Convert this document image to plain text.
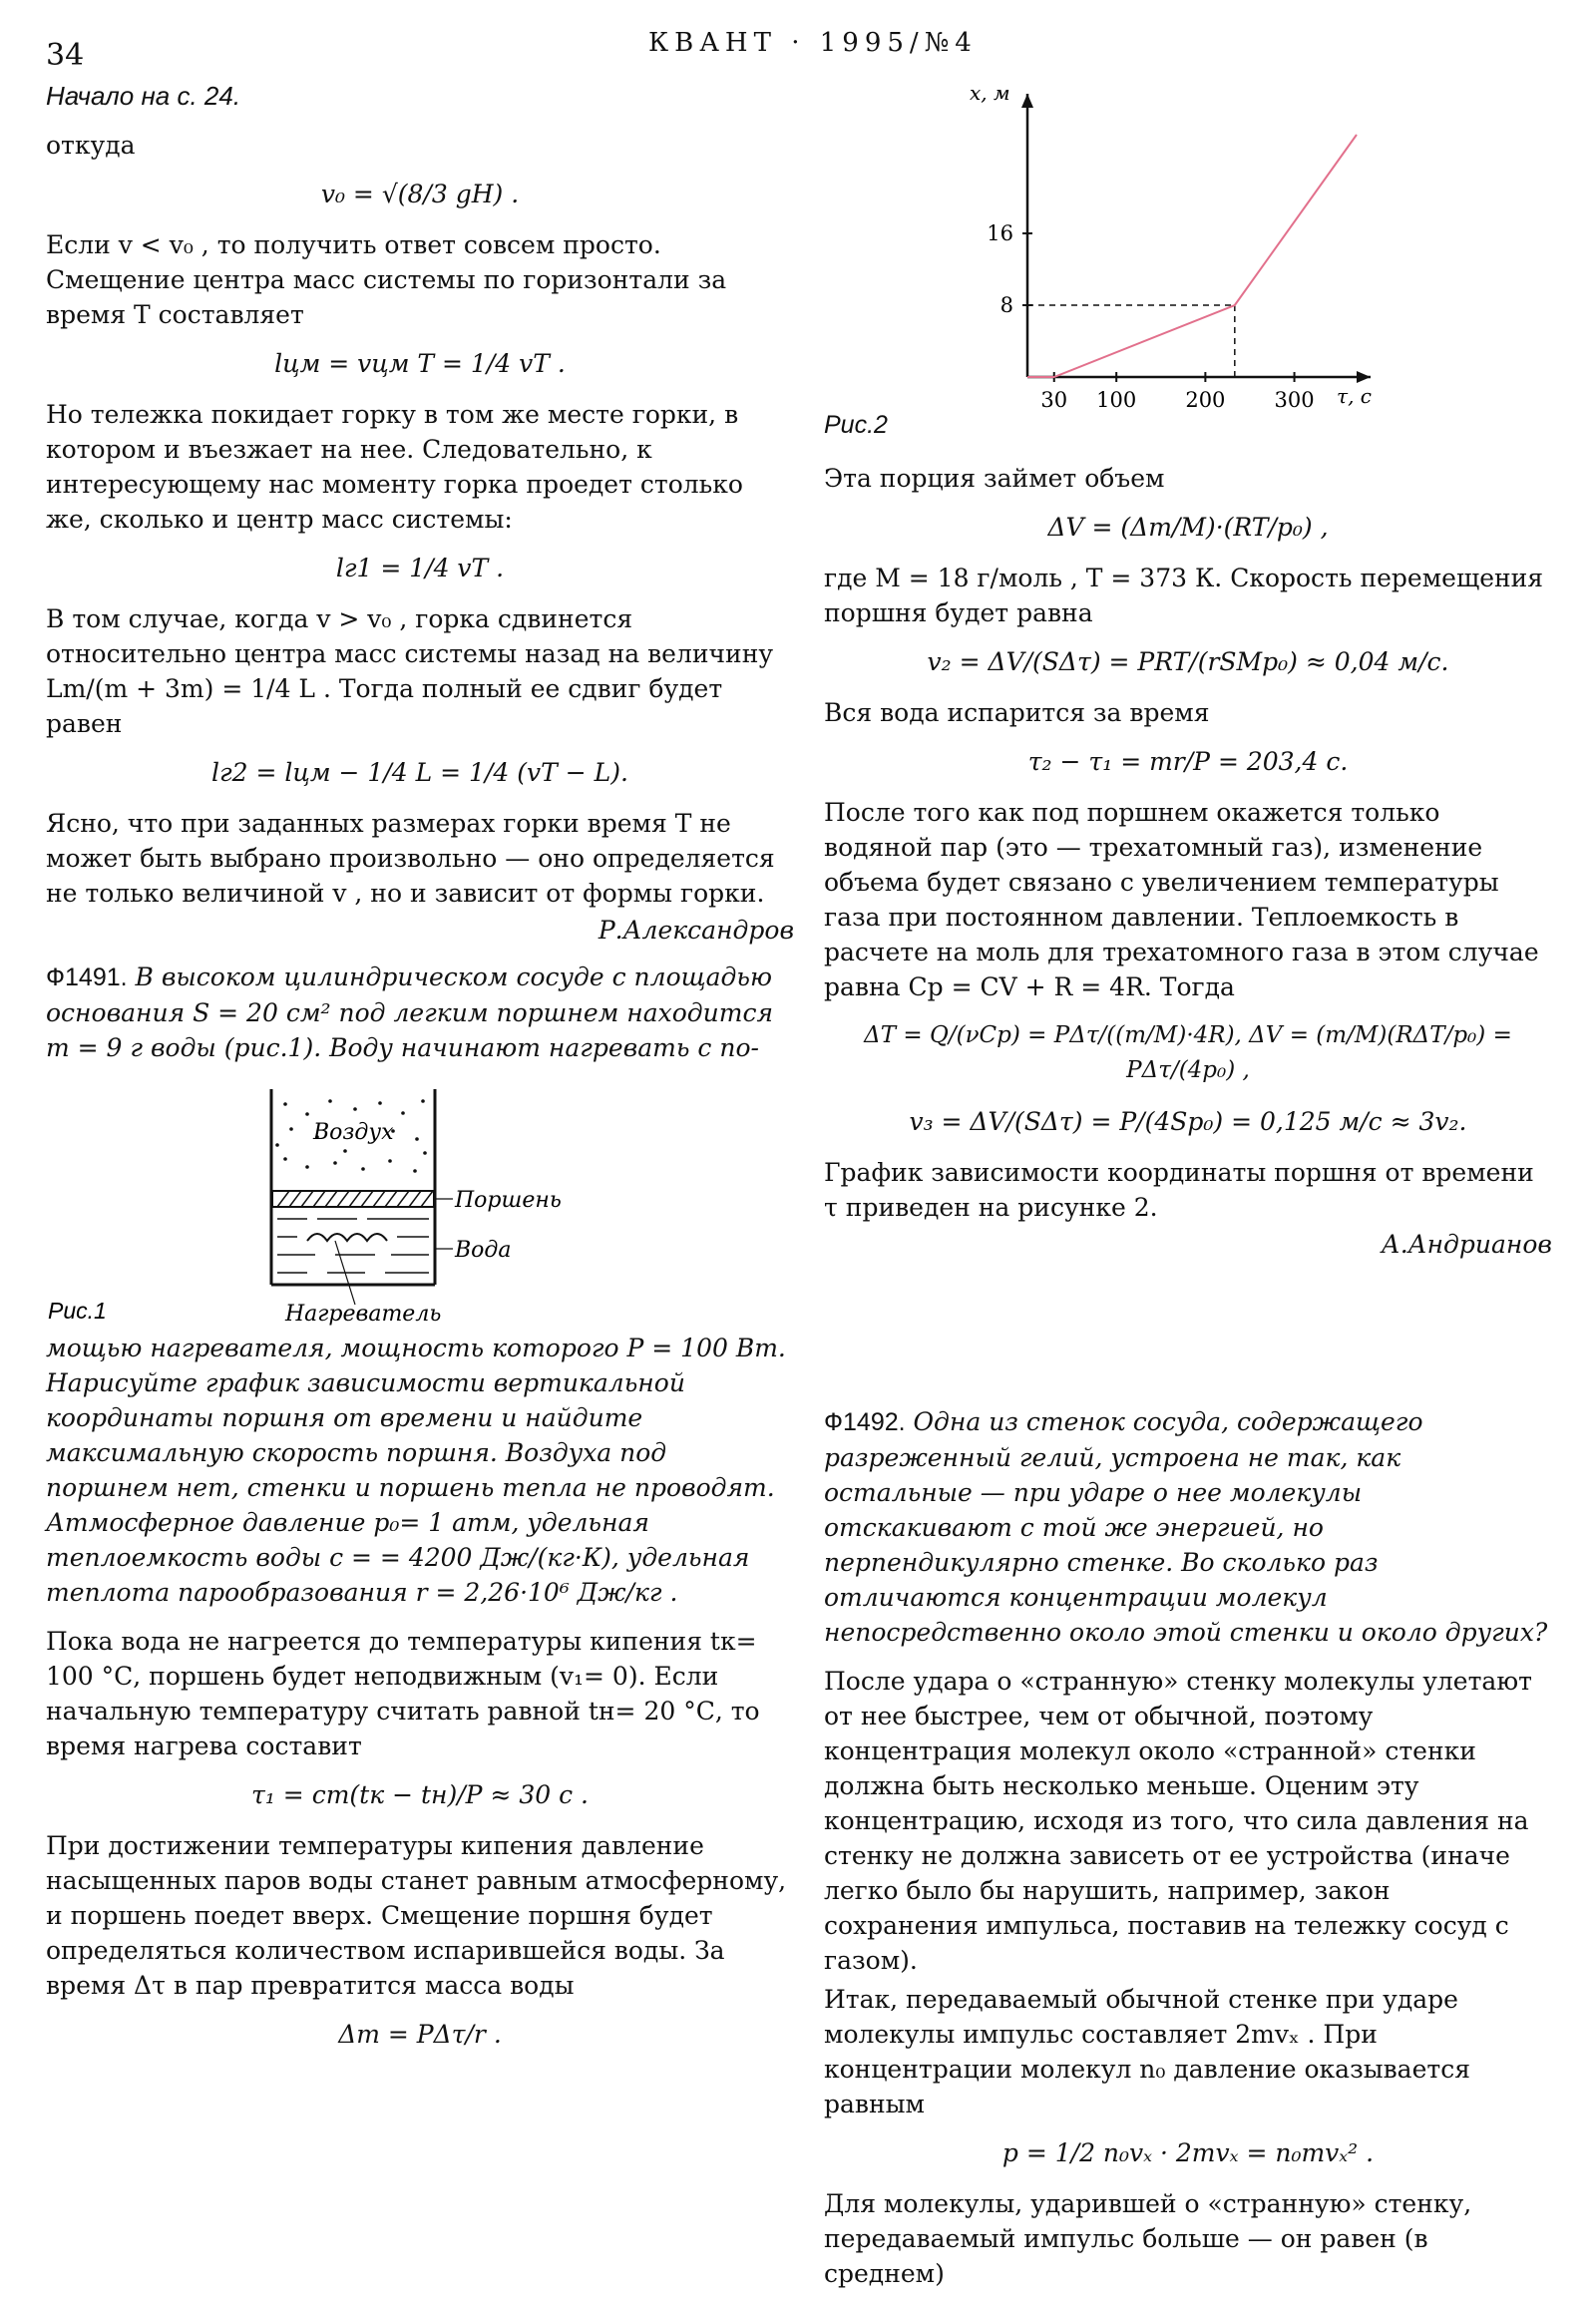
34	КВАНТ · 1995/№4

Начало на с. 24.

откуда

v₀ = √(8/3 gH) .

Если v < v₀ , то получить ответ совсем просто. Смещение центра масс системы по горизонтали за время T составляет

lцм = vцм T = 1/4 vT .

Но тележка покидает горку в том же месте горки, в котором и въезжает на нее. Следовательно, к интересующему нас моменту горка проедет столько же, сколько и центр масс системы:

lг1 = 1/4 vT .

В том случае, когда v > v₀ , горка сдвинется относительно центра масс системы назад на величину Lm/(m + 3m) = 1/4 L . Тогда полный ее сдвиг будет равен

lг2 = lцм − 1/4 L = 1/4 (vT − L).

Ясно, что при заданных размерах горки время T не может быть выбрано произвольно — оно определяется не только величиной v , но и зависит от формы горки.

Р.Александров

Ф1491. В высоком цилиндрическом сосуде с площадью основания S = 20 см² под легким поршнем находится m = 9 г воды (рис.1). Воду начинают нагревать с по-

Воздух
Поршень
Вода
Нагреватель
Рис.1

мощью нагревателя, мощность которого P = 100 Вт. Нарисуйте график зависимости вертикальной координаты поршня от времени и найдите максимальную скорость поршня. Воздуха под поршнем нет, стенки и поршень тепла не проводят. Атмосферное давление p₀= 1 атм, удельная теплоемкость воды с = = 4200 Дж/(кг·К), удельная теплота парообразования r = 2,26·10⁶ Дж/кг .

Пока вода не нагреется до температуры кипения tк= 100 °С, поршень будет неподвижным (v₁= 0). Если начальную температуру считать равной tн= 20 °С, то время нагрева составит

τ₁ = cm(tк − tн)/P ≈ 30 с .

При достижении температуры кипения давление насыщенных паров воды станет равным атмосферному, и поршень поедет вверх. Смещение поршня будет определяться количеством испарившейся воды. За время Δτ в пар превратится масса воды

Δm = PΔτ/r .
x, м
τ, с
30 100 200 300
8
16
Рис.2

Эта порция займет объем

ΔV = (Δm/M)·(RT/p₀) ,

где M = 18 г/моль , T = 373 К. Скорость перемещения поршня будет равна

v₂ = ΔV/(SΔτ) = PRT/(rSMp₀) ≈ 0,04 м/с.

Вся вода испарится за время

τ₂ − τ₁ = mr/P = 203,4 с.

После того как под поршнем окажется только водяной пар (это — трехатомный газ), изменение объема будет связано с увеличением температуры газа при постоянном давлении. Теплоемкость в расчете на моль для трехатомного газа в этом случае равна Cp = CV + R = 4R. Тогда

ΔT = Q/(νCp) = PΔτ/((m/M)·4R), ΔV = (m/M)(RΔT/p₀) = PΔτ/(4p₀) ,
v₃ = ΔV/(SΔτ) = P/(4Sp₀) = 0,125 м/с ≈ 3v₂.

График зависимости координаты поршня от времени τ приведен на рисунке 2.

А.Андрианов

Ф1492. Одна из стенок сосуда, содержащего разреженный гелий, устроена не так, как остальные — при ударе о нее молекулы отскакивают с той же энергией, но перпендикулярно стенке. Во сколько раз отличаются концентрации молекул непосредственно около этой стенки и около других?

После удара о «странную» стенку молекулы улетают от нее быстрее, чем от обычной, поэтому концентрация молекул около «странной» стенки должна быть несколько меньше. Оценим эту концентрацию, исходя из того, что сила давления на стенку не должна зависеть от ее устройства (иначе легко было бы нарушить, например, закон сохранения импульса, поставив на тележку сосуд с газом).

Итак, передаваемый обычной стенке при ударе молекулы импульс составляет 2mvₓ . При концентрации молекул n₀ давление оказывается равным

p = 1/2 n₀vₓ · 2mvₓ = n₀mvₓ² .

Для молекулы, ударившей о «странную» стенку, передаваемый импульс больше — он равен (в среднем)
